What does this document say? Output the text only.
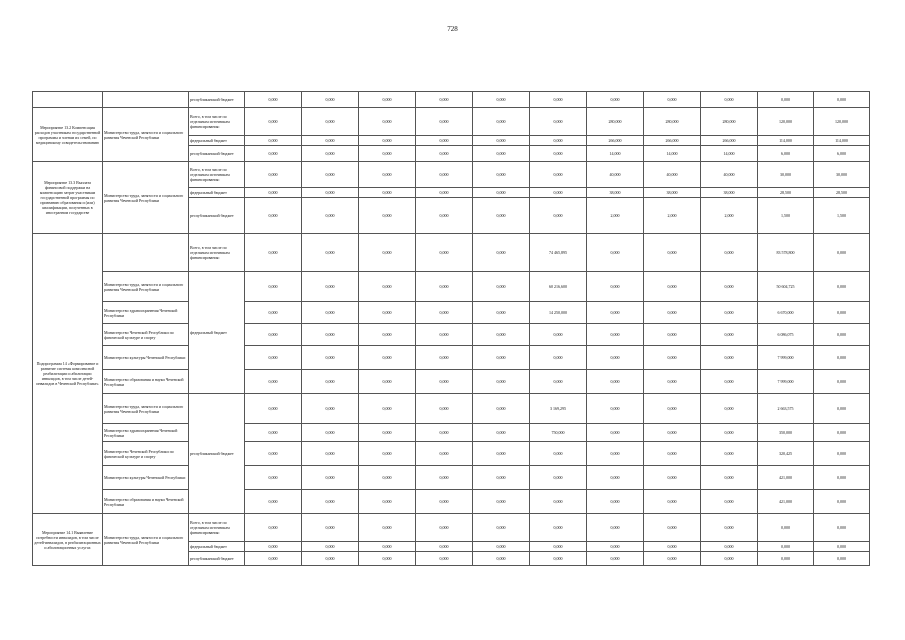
728
		республиканский бюджет	0,000	0,000	0,000	0,000	0,000	0,000	0,000	0,000	0,000	0,000	0,000
Мероприятие 13.2 Компенсация расходов участникам государственной программы и членам их семей, по медицинскому освидетельствованию	Министерство труда, занятости и социального развития Чеченской Республики	Всего, в том числе по отдельным источникам финансирования:	0,000	0,000	0,000	0,000	0,000	0,000	280,000	280,000	280,000	120,000	120,000
		федеральный бюджет	0,000	0,000	0,000	0,000	0,000	0,000	266,000	266,000	266,000	114,000	114,000
		республиканский бюджет	0,000	0,000	0,000	0,000	0,000	0,000	14,000	14,000	14,000	6,000	6,000
Мероприятие 13.3 Выплата финансовой поддержки на компенсацию затрат участникам государственной программы по признанию образования и (или) квалификации, полученных в иностранном государстве	Министерство труда, занятости и социального развития Чеченской Республики	Всего, в том числе по отдельным источникам финансирования:	0,000	0,000	0,000	0,000	0,000	0,000	40,000	40,000	40,000	30,000	30,000
		федеральный бюджет	0,000	0,000	0,000	0,000	0,000	0,000	38,000	38,000	38,000	28,500	28,500
		республиканский бюджет	0,000	0,000	0,000	0,000	0,000	0,000	2,000	2,000	2,000	1,500	1,500
Подпрограмма 14 «Формирование и развитие системы комплексной реабилитации и абилитации инвалидов, в том числе детей-инвалидов в Чеченской Республике»		Всего, в том числе по отдельным источникам финансирования:	0,000	0,000	0,000	0,000	0,000	74 465,895	0,000	0,000	0,000	83 578,800	0,000
	Министерство труда, занятости и социального развития Чеченской Республики	федеральный бюджет	0,000	0,000	0,000	0,000	0,000	60 216,600	0,000	0,000	0,000	50 604,725	0,000
	Министерство здравоохранения Чеченской Республики		0,000	0,000	0,000	0,000	0,000	14 250,000	0,000	0,000	0,000	6 670,000	0,000
	Министерство Чеченской Республики по физической культуре и спорту		0,000	0,000	0,000	0,000	0,000	0,000	0,000	0,000	0,000	6 086,075	0,000
	Министерство культуры Чеченской Республики		0,000	0,000	0,000	0,000	0,000	0,000	0,000	0,000	0,000	7 999,000	0,000
	Министерство образования и науки Чеченской Республики		0,000	0,000	0,000	0,000	0,000	0,000	0,000	0,000	0,000	7 999,000	0,000
	Министерство труда, занятости и социального развития Чеченской Республики	республиканский бюджет	0,000	0,000	0,000	0,000	0,000	3 169,295	0,000	0,000	0,000	2 663,575	0,000
	Министерство здравоохранения Чеченской Республики		0,000	0,000	0,000	0,000	0,000	750,000	0,000	0,000	0,000	350,000	0,000
	Министерство Чеченской Республики по физической культуре и спорту		0,000	0,000	0,000	0,000	0,000	0,000	0,000	0,000	0,000	320,425	0,000
	Министерство культуры Чеченской Республики		0,000	0,000	0,000	0,000	0,000	0,000	0,000	0,000	0,000	421,000	0,000
	Министерство образования и науки Чеченской Республики		0,000	0,000	0,000	0,000	0,000	0,000	0,000	0,000	0,000	421,000	0,000
Мероприятие 14.1 Выявление потребности инвалидов, в том числе детей-инвалидов, в реабилитационных и абилитационных услугах	Министерство труда, занятости и социального развития Чеченской Республики	Всего, в том числе по отдельным источникам финансирования:	0,000	0,000	0,000	0,000	0,000	0,000	0,000	0,000	0,000	0,000	0,000
		федеральный бюджет	0,000	0,000	0,000	0,000	0,000	0,000	0,000	0,000	0,000	0,000	0,000
		республиканский бюджет	0,000	0,000	0,000	0,000	0,000	0,000	0,000	0,000	0,000	0,000	0,000
